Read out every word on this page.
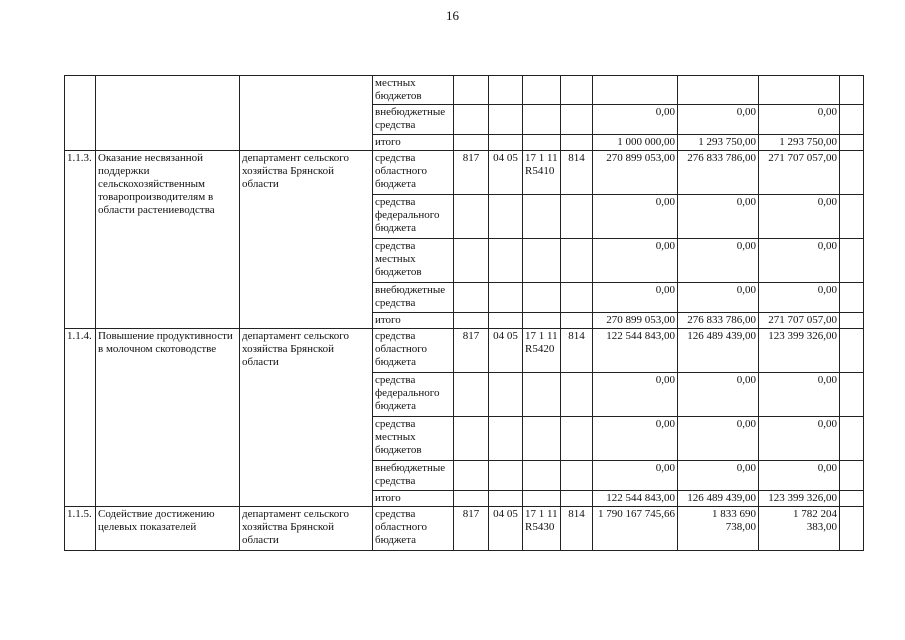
16
			местных бюджетов								
			внебюджетные средства					0,00	0,00	0,00	
			итого					1 000 000,00	1 293 750,00	1 293 750,00	
1.1.3.	Оказание несвязанной поддержки сельскохозяйственным товаропроизводителям в области растениеводства	департамент сельского хозяйства Брянской области	средства областного бюджета	817	04 05	17 1 11 R5410	814	270 899 053,00	276 833 786,00	271 707 057,00	
			средства федерального бюджета					0,00	0,00	0,00	
			средства местных бюджетов					0,00	0,00	0,00	
			внебюджетные средства					0,00	0,00	0,00	
			итого					270 899 053,00	276 833 786,00	271 707 057,00	
1.1.4.	Повышение продуктивности в молочном скотоводстве	департамент сельского хозяйства Брянской области	средства областного бюджета	817	04 05	17 1 11 R5420	814	122 544 843,00	126 489 439,00	123 399 326,00	
			средства федерального бюджета					0,00	0,00	0,00	
			средства местных бюджетов					0,00	0,00	0,00	
			внебюджетные средства					0,00	0,00	0,00	
			итого					122 544 843,00	126 489 439,00	123 399 326,00	
1.1.5.	Содействие достижению целевых показателей	департамент сельского хозяйства Брянской области	средства областного бюджета	817	04 05	17 1 11 R5430	814	1 790 167 745,66	1 833 690 738,00	1 782 204 383,00	
